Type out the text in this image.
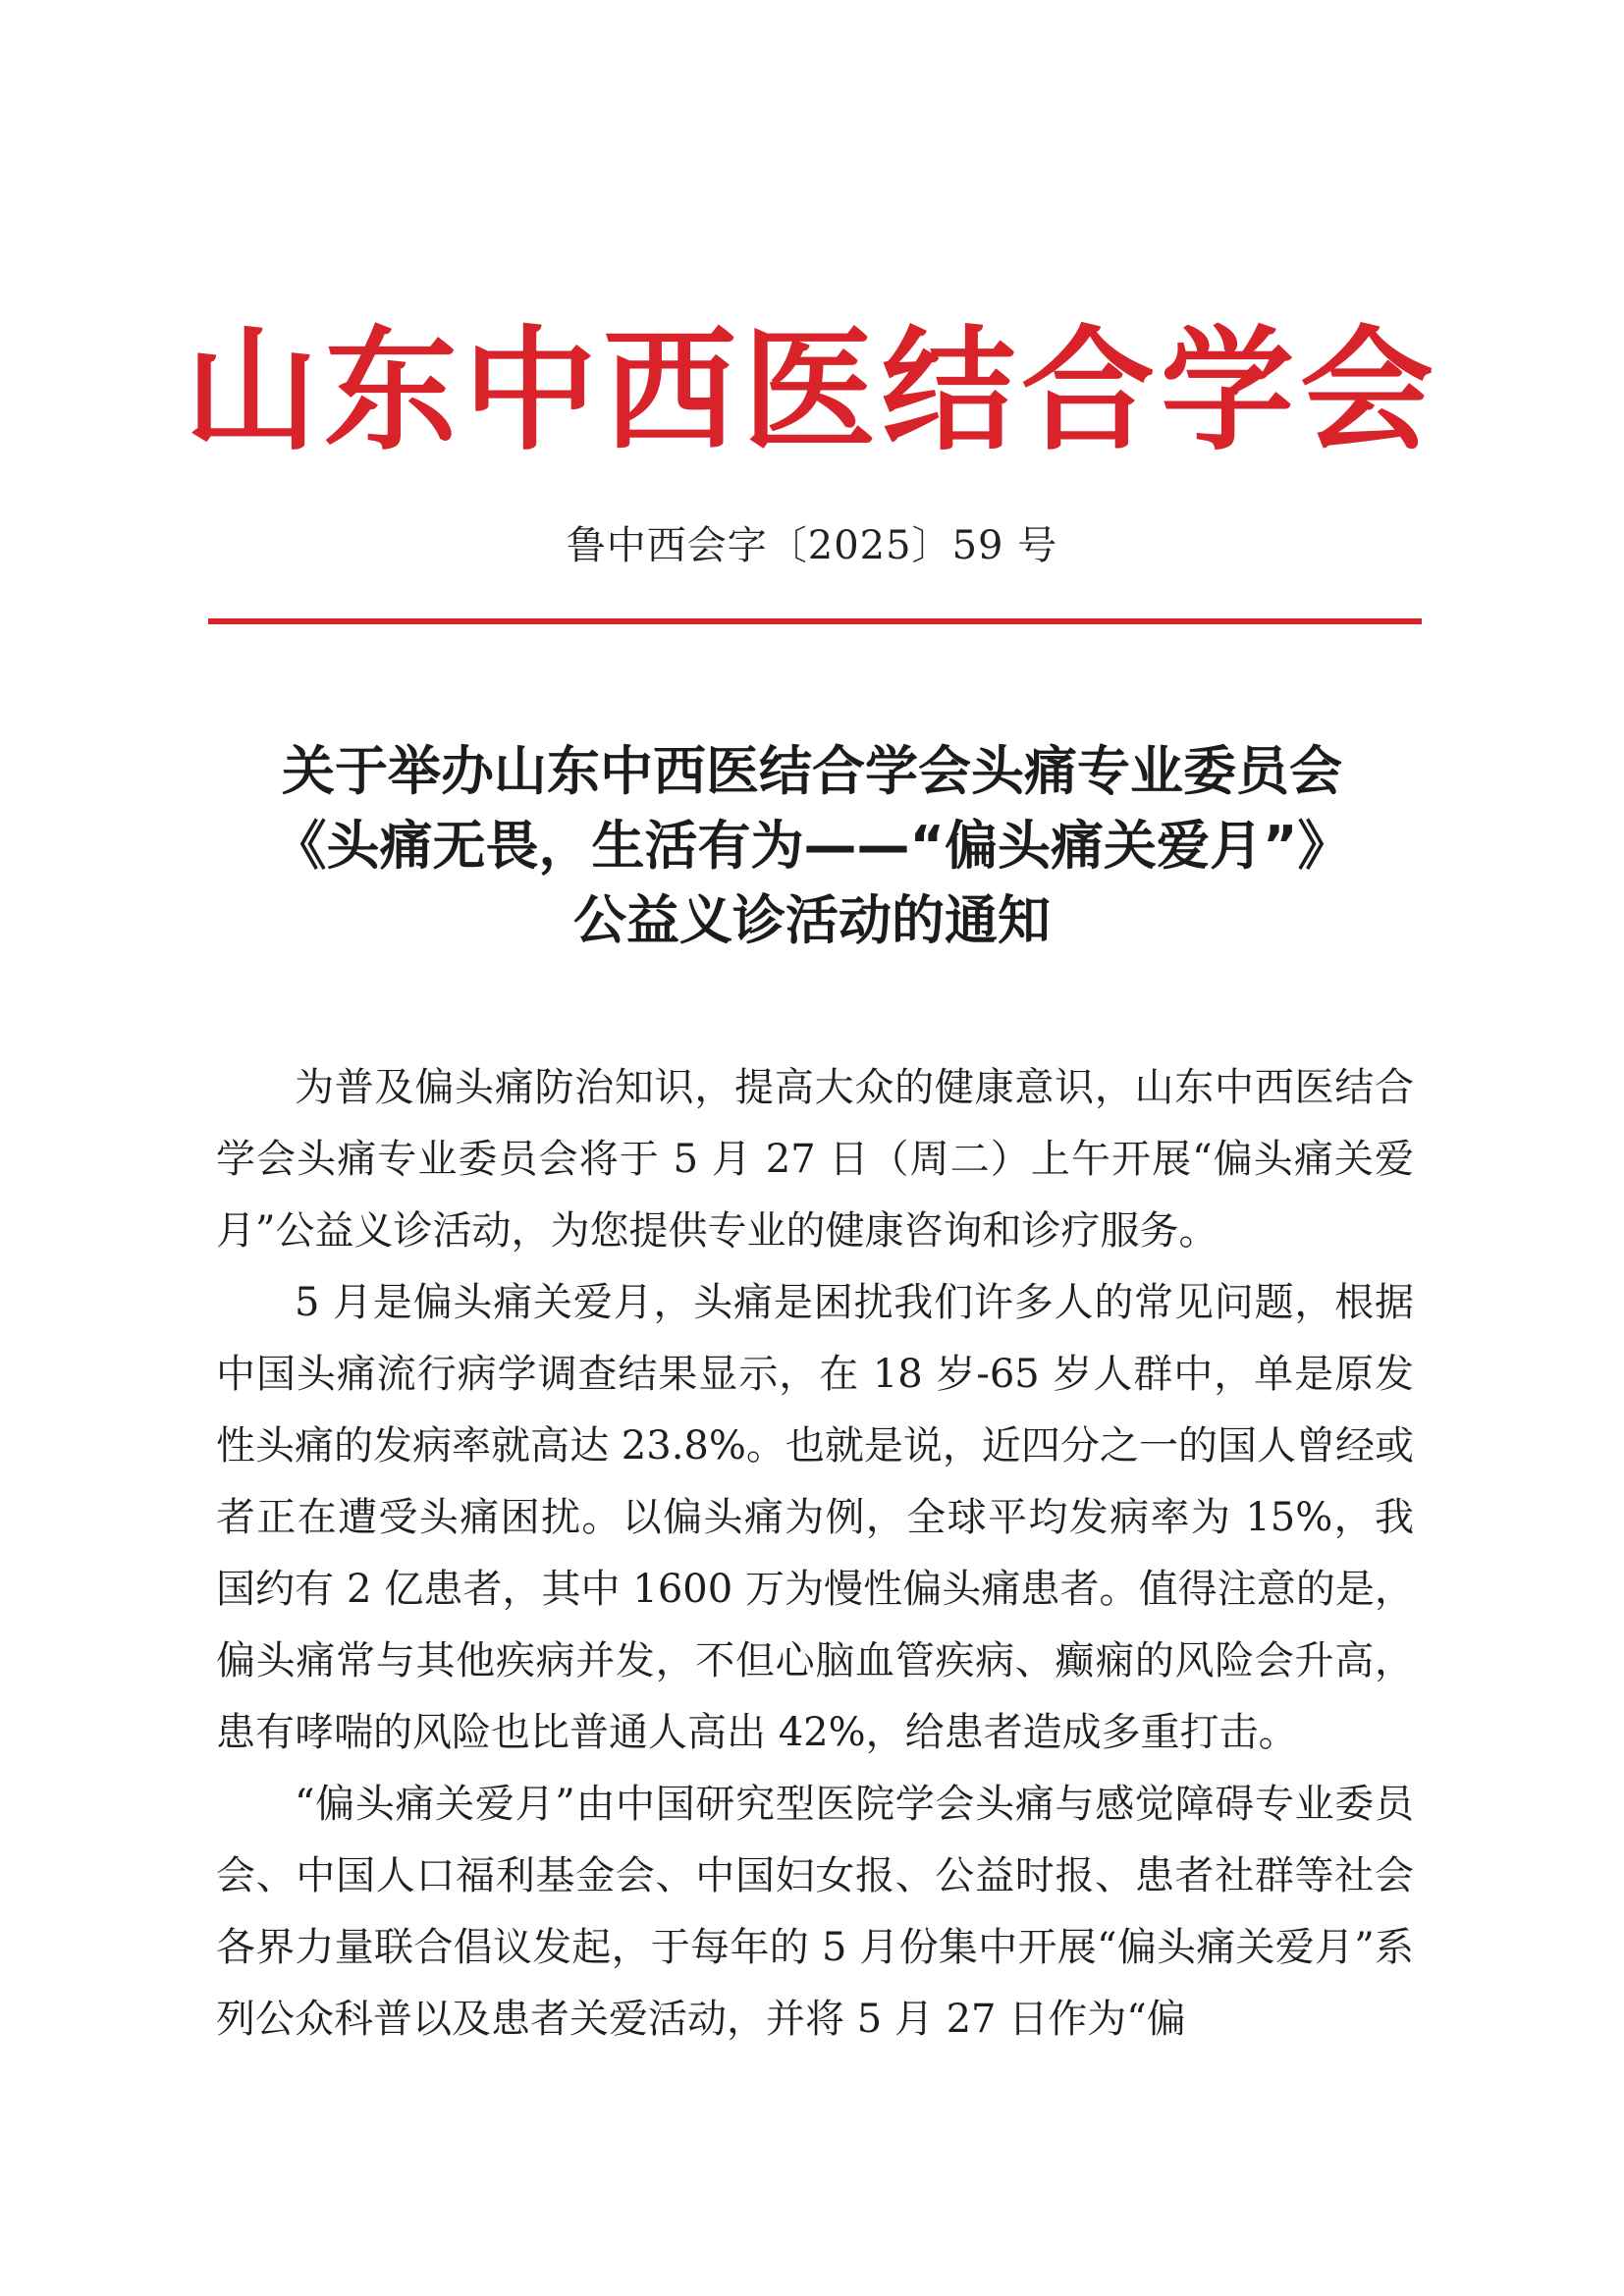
山东中西医结合学会
鲁中西会字〔2025〕59 号
关于举办山东中西医结合学会头痛专业委员会
《头痛无畏，生活有为——“偏头痛关爱月”》
公益义诊活动的通知

为普及偏头痛防治知识，提高大众的健康意识，山东中西医结合学会头痛专业委员会将于 5 月 27 日（周二）上午开展“偏头痛关爱月”公益义诊活动，为您提供专业的健康咨询和诊疗服务。

5 月是偏头痛关爱月，头痛是困扰我们许多人的常见问题，根据中国头痛流行病学调查结果显示，在 18 岁-65 岁人群中，单是原发性头痛的发病率就高达 23.8%。也就是说，近四分之一的国人曾经或者正在遭受头痛困扰。以偏头痛为例，全球平均发病率为 15%，我国约有 2 亿患者，其中 1600 万为慢性偏头痛患者。值得注意的是，偏头痛常与其他疾病并发，不但心脑血管疾病、癫痫的风险会升高，患有哮喘的风险也比普通人高出 42%，给患者造成多重打击。

“偏头痛关爱月”由中国研究型医院学会头痛与感觉障碍专业委员会、中国人口福利基金会、中国妇女报、公益时报、患者社群等社会各界力量联合倡议发起，于每年的 5 月份集中开展“偏头痛关爱月”系列公众科普以及患者关爱活动，并将 5 月 27 日作为“偏
